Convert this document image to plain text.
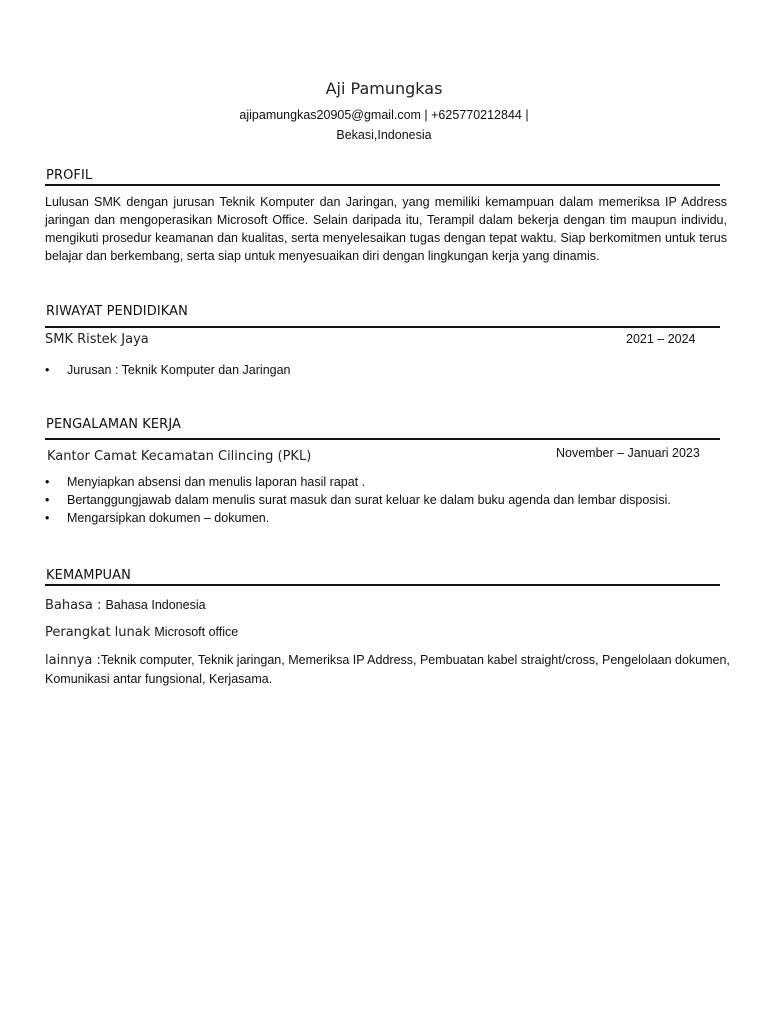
Aji Pamungkas
ajipamungkas20905@gmail.com | +625770212844 |
Bekasi,Indonesia
PROFIL
Lulusan SMK dengan jurusan Teknik Komputer dan Jaringan, yang memiliki kemampuan dalam memeriksa IP Address jaringan dan mengoperasikan Microsoft Office. Selain daripada itu, Terampil dalam bekerja dengan tim maupun individu, mengikuti prosedur keamanan dan kualitas, serta menyelesaikan tugas dengan tepat waktu. Siap berkomitmen untuk terus belajar dan berkembang, serta siap untuk menyesuaikan diri dengan lingkungan kerja yang dinamis.
RIWAYAT PENDIDIKAN
SMK Ristek Jaya	2021 – 2024
• Jurusan : Teknik Komputer dan Jaringan
PENGALAMAN KERJA
Kantor Camat Kecamatan Cilincing (PKL)	November – Januari 2023
• Menyiapkan absensi dan menulis laporan hasil rapat .
• Bertanggungjawab dalam menulis surat masuk dan surat keluar ke dalam buku agenda dan lembar disposisi.
• Mengarsipkan dokumen – dokumen.
KEMAMPUAN
Bahasa : Bahasa Indonesia
Perangkat lunak Microsoft office
lainnya :Teknik computer, Teknik jaringan, Memeriksa IP Address, Pembuatan kabel straight/cross, Pengelolaan dokumen, Komunikasi antar fungsional, Kerjasama.
